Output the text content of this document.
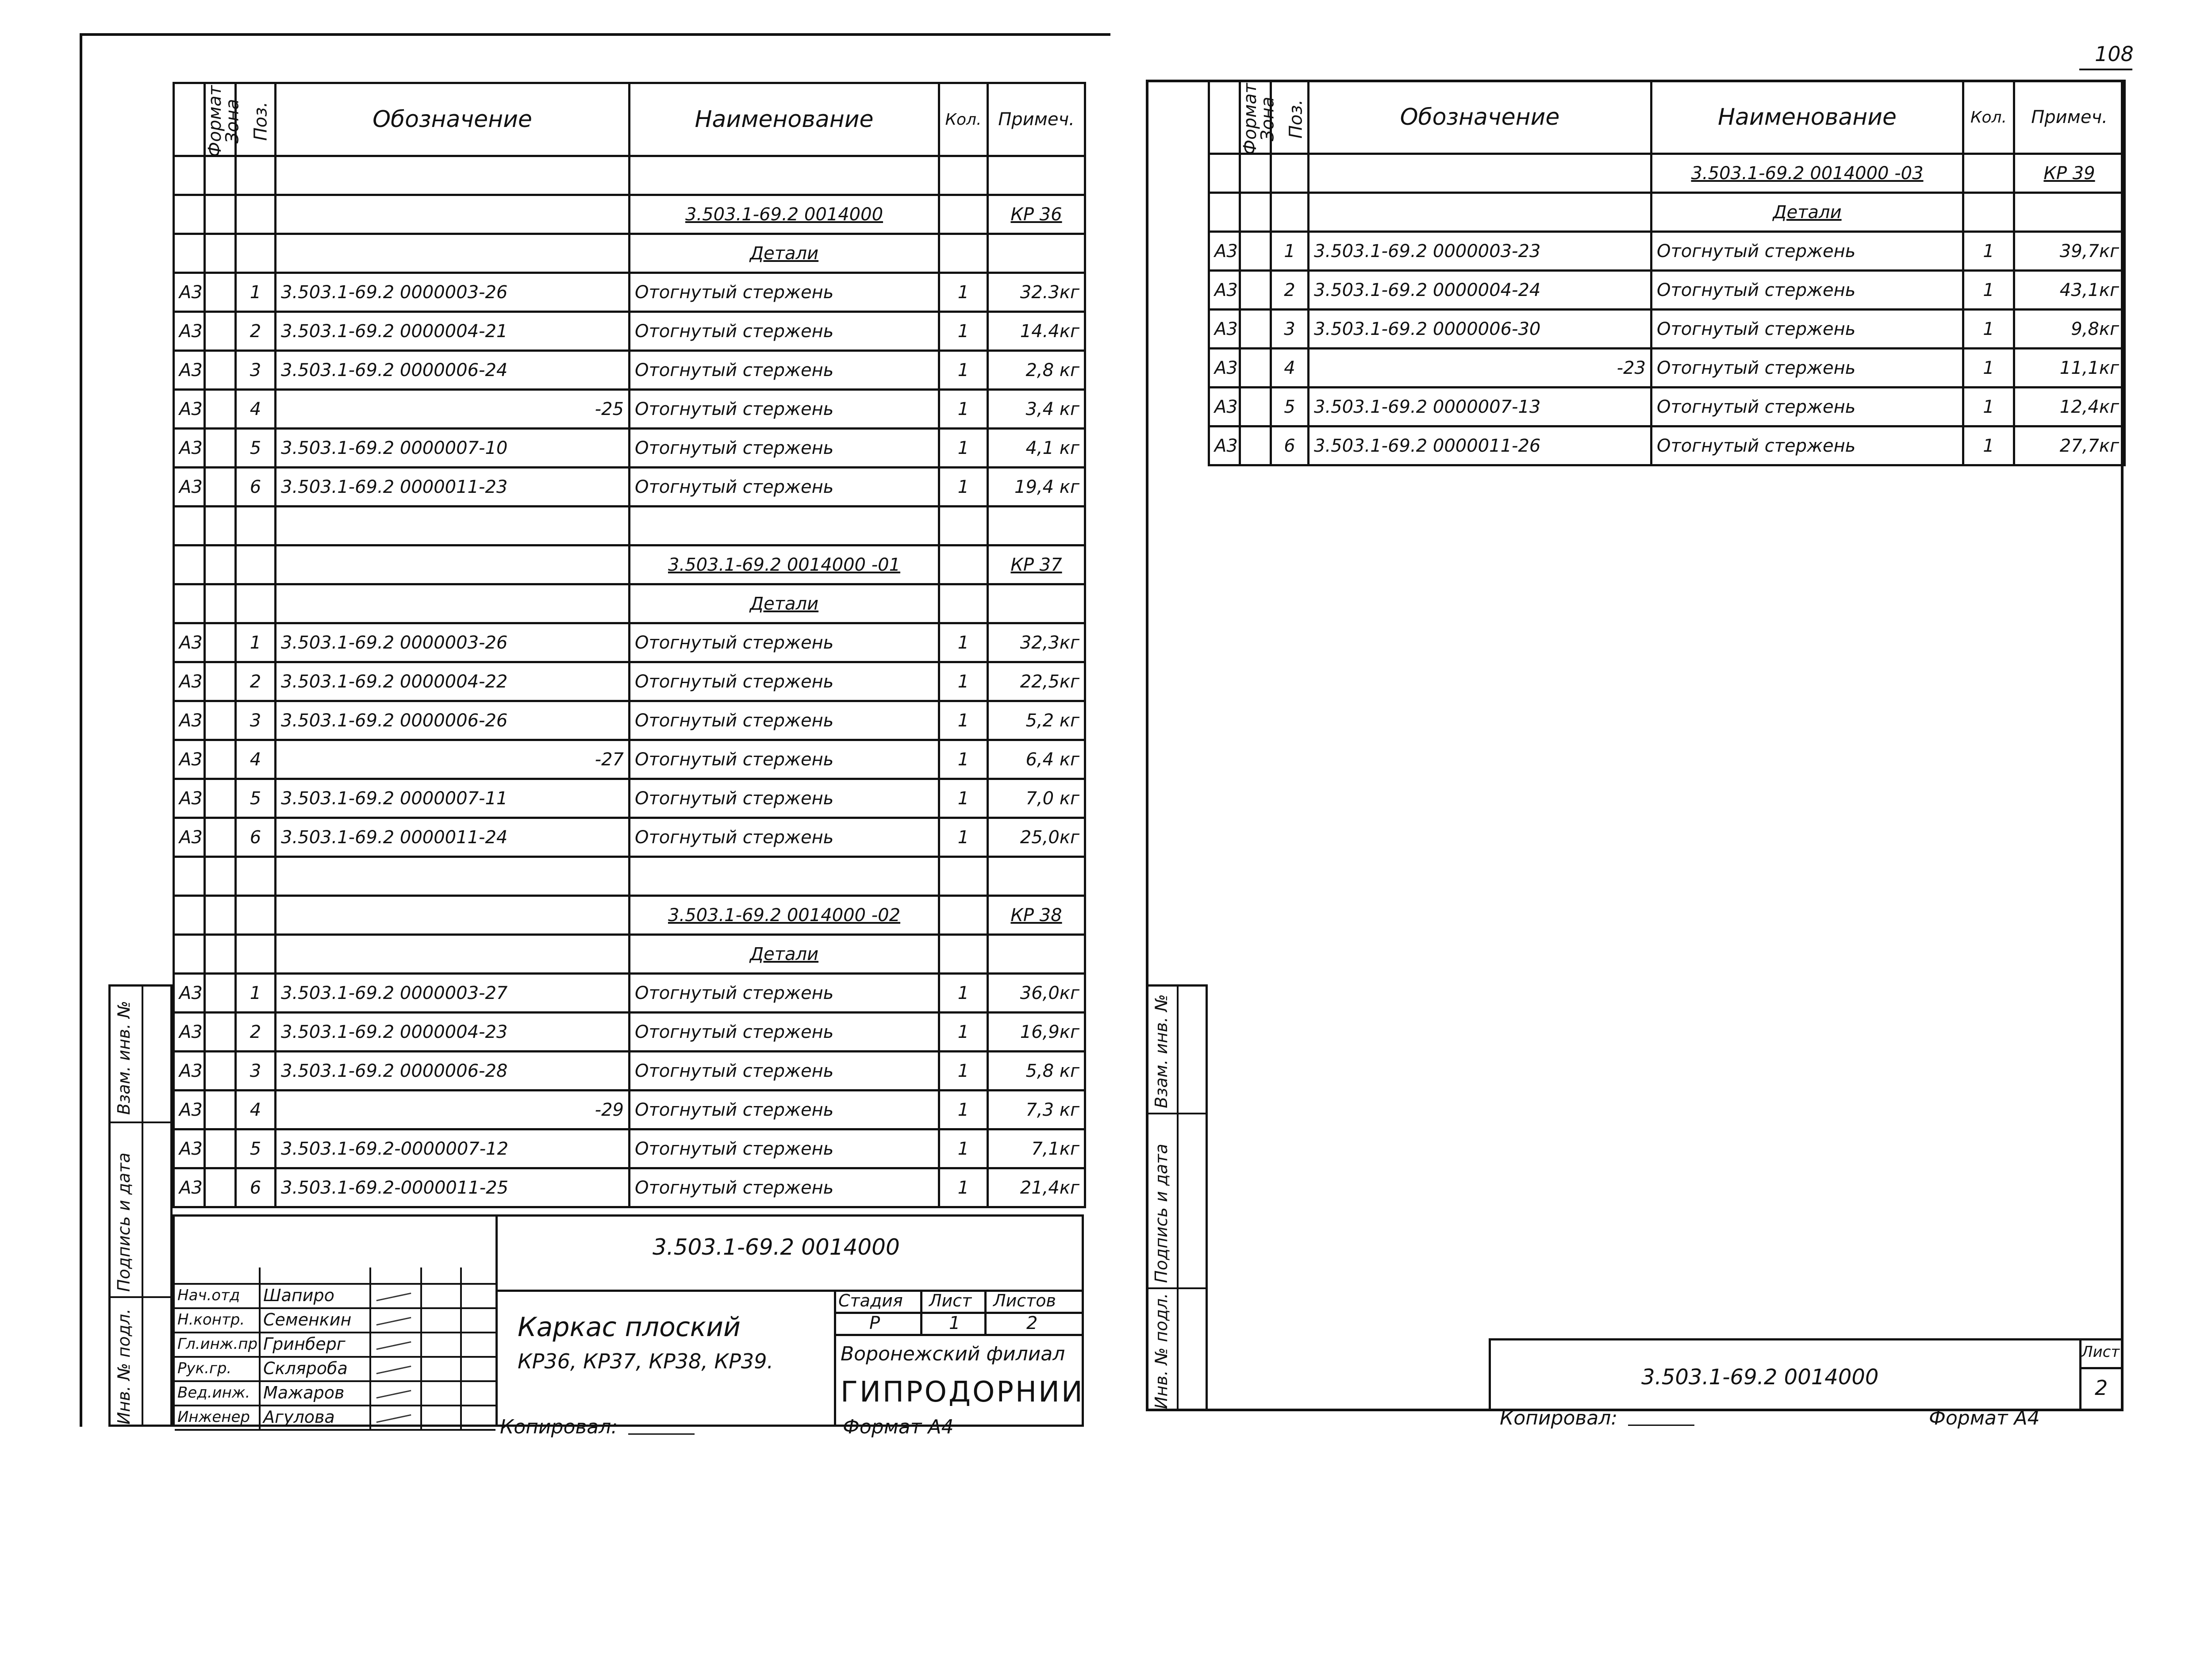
108
Формат	Зона	Поз.	Обозначение	Наименование	Кол.	Примеч.

				3.503.1-69.2 0014000		КР 36
				Детали		
А3		1	3.503.1-69.2 0000003-26	Отогнутый стержень	1	32.3кг
А3		2	3.503.1-69.2 0000004-21	Отогнутый стержень	1	14.4кг
А3		3	3.503.1-69.2 0000006-24	Отогнутый стержень	1	2,8 кг
А3		4	-25	Отогнутый стержень	1	3,4 кг
А3		5	3.503.1-69.2 0000007-10	Отогнутый стержень	1	4,1 кг
А3		6	3.503.1-69.2 0000011-23	Отогнутый стержень	1	19,4 кг

				3.503.1-69.2 0014000 -01		КР 37
				Детали		
А3		1	3.503.1-69.2 0000003-26	Отогнутый стержень	1	32,3кг
А3		2	3.503.1-69.2 0000004-22	Отогнутый стержень	1	22,5кг
А3		3	3.503.1-69.2 0000006-26	Отогнутый стержень	1	5,2 кг
А3		4	-27	Отогнутый стержень	1	6,4 кг
А3		5	3.503.1-69.2 0000007-11	Отогнутый стержень	1	7,0 кг
А3		6	3.503.1-69.2 0000011-24	Отогнутый стержень	1	25,0кг

				3.503.1-69.2 0014000 -02		КР 38
				Детали		
А3		1	3.503.1-69.2 0000003-27	Отогнутый стержень	1	36,0кг
А3		2	3.503.1-69.2 0000004-23	Отогнутый стержень	1	16,9кг
А3		3	3.503.1-69.2 0000006-28	Отогнутый стержень	1	5,8 кг
А3		4	-29	Отогнутый стержень	1	7,3 кг
А3		5	3.503.1-69.2-0000007-12	Отогнутый стержень	1	7,1кг
А3		6	3.503.1-69.2-0000011-25	Отогнутый стержень	1	21,4кг
Взам. инв. №
Подпись и дата
Инв. № подл.
3.503.1-69.2 0014000
Нач.отд Шапиро
Н.контр. Семенкин
Гл.инж.пр Гринберг
Рук.гр. Скляроба
Вед.инж. Мажаров
Инженер Агулова
Каркас плоский
КР36, КР37, КР38, КР39.
Стадия Лист Листов
Р	1	2
Воронежский филиал
ГИПРОДОРНИИ
Копировал:	Формат А4
Формат	Зона	Поз.	Обозначение	Наименование	Кол.	Примеч.
				3.503.1-69.2 0014000 -03		КР 39
				Детали		
А3		1	3.503.1-69.2 0000003-23	Отогнутый стержень	1	39,7кг
А3		2	3.503.1-69.2 0000004-24	Отогнутый стержень	1	43,1кг
А3		3	3.503.1-69.2 0000006-30	Отогнутый стержень	1	9,8кг
А3		4	-23	Отогнутый стержень	1	11,1кг
А3		5	3.503.1-69.2 0000007-13	Отогнутый стержень	1	12,4кг
А3		6	3.503.1-69.2 0000011-26	Отогнутый стержень	1	27,7кг
Взам. инв. №
Подпись и дата
Инв. № подл.	3.503.1-69.2 0014000
Лист
2
Копировал:	Формат А4
